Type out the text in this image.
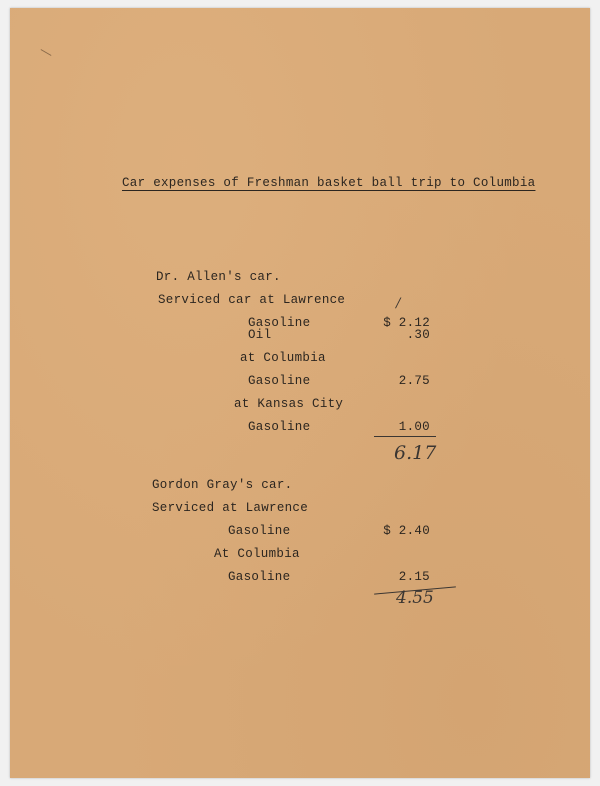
Car expenses of Freshman basket ball trip to Columbia
Dr. Allen's car.
Serviced car at Lawrence	/
Gasoline	$ 2.12
Oil	.30
at Columbia
Gasoline	2.75
at Kansas City
Gasoline	1.00
6.17
Gordon Gray's car.
Serviced at Lawrence
Gasoline	$ 2.40
At Columbia
Gasoline	2.15
4.55
